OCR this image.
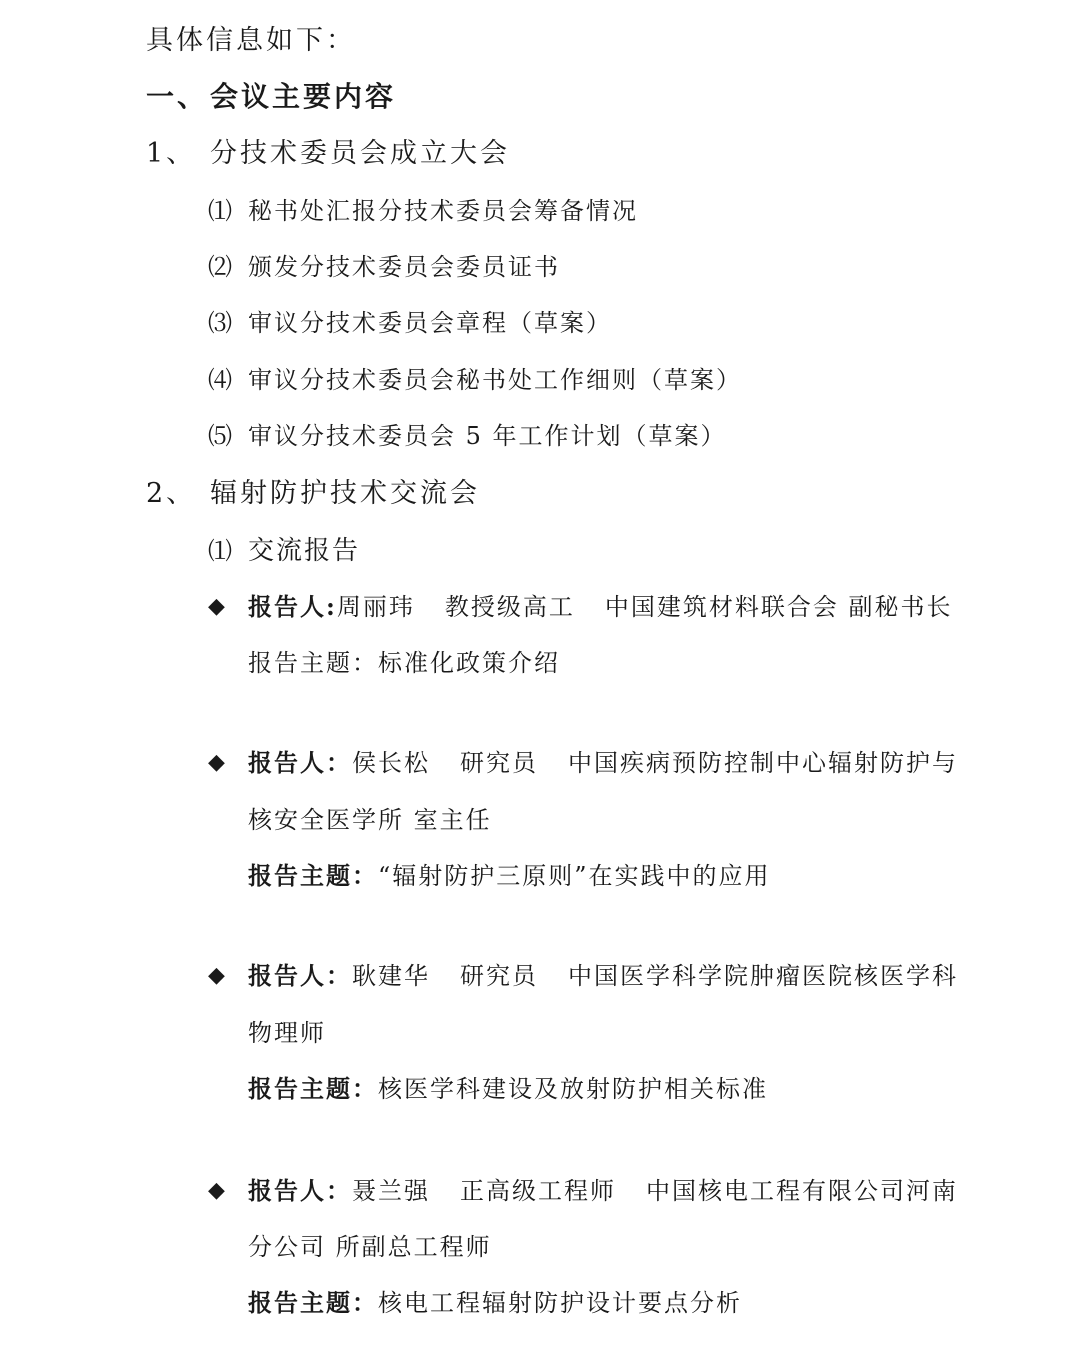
具体信息如下：
一、会议主要内容
1、 分技术委员会成立大会
⑴ 秘书处汇报分技术委员会筹备情况
⑵ 颁发分技术委员会委员证书
⑶ 审议分技术委员会章程（草案）
⑷ 审议分技术委员会秘书处工作细则（草案）
⑸ 审议分技术委员会 5 年工作计划（草案）
2、 辐射防护技术交流会
⑴ 交流报告
◆ 报告人:周丽玮 教授级高工 中国建筑材料联合会 副秘书长
报告主题：标准化政策介绍
◆ 报告人：侯长松 研究员 中国疾病预防控制中心辐射防护与
核安全医学所 室主任
报告主题：“辐射防护三原则”在实践中的应用
◆ 报告人：耿建华 研究员 中国医学科学院肿瘤医院核医学科
物理师
报告主题：核医学科建设及放射防护相关标准
◆ 报告人：聂兰强 正高级工程师 中国核电工程有限公司河南
分公司 所副总工程师
报告主题：核电工程辐射防护设计要点分析
